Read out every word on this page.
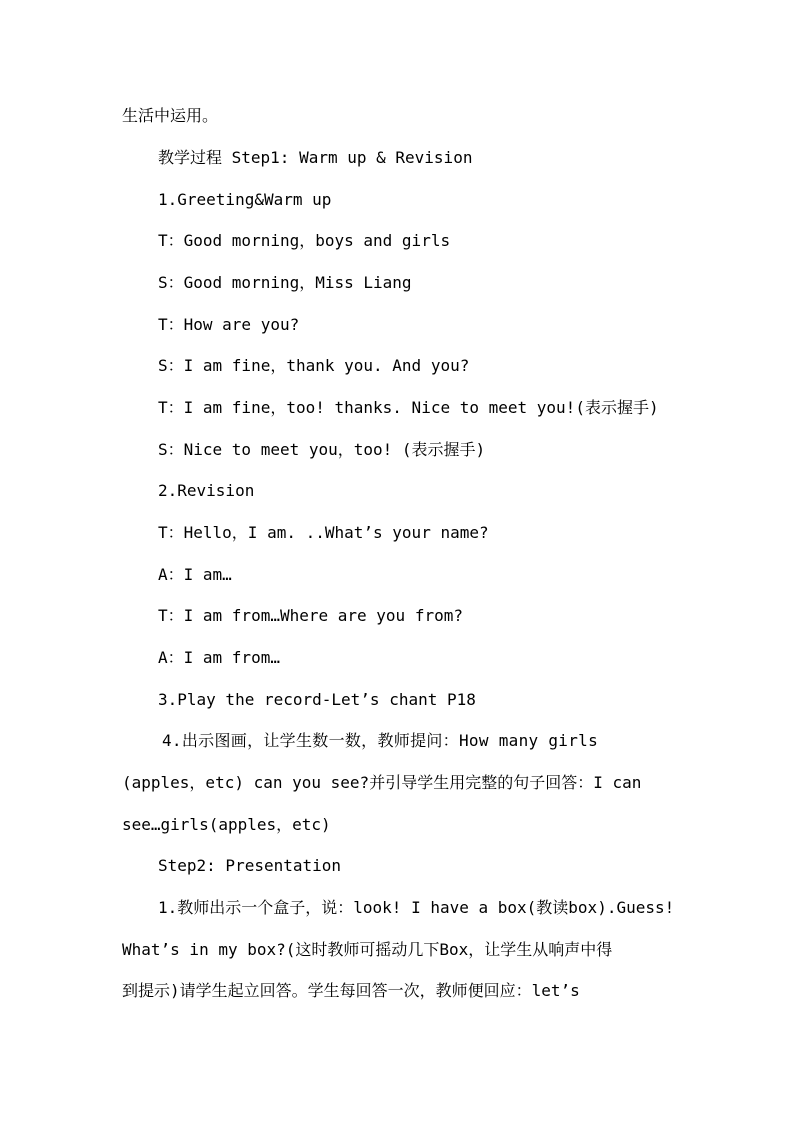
生活中运用。
教学过程 Step1: Warm up & Revision
1.Greeting&Warm up
T：Good morning，boys and girls
S：Good morning，Miss Liang
T：How are you?
S：I am fine，thank you. And you?
T：I am fine，too! thanks. Nice to meet you!(表示握手)
S：Nice to meet you，too! (表示握手)
2.Revision
T：Hello，I am. ..What’s your name?
A：I am…
T：I am from…Where are you from?
A：I am from…
3.Play the record-Let’s chant P18
4.出示图画，让学生数一数，教师提问：How many girls
(apples，etc) can you see?并引导学生用完整的句子回答：I can
see…girls(apples，etc)
Step2: Presentation
1.教师出示一个盒子，说：look! I have a box(教读box).Guess!
What’s in my box?(这时教师可摇动几下Box，让学生从响声中得
到提示)请学生起立回答。学生每回答一次，教师便回应：let’s
